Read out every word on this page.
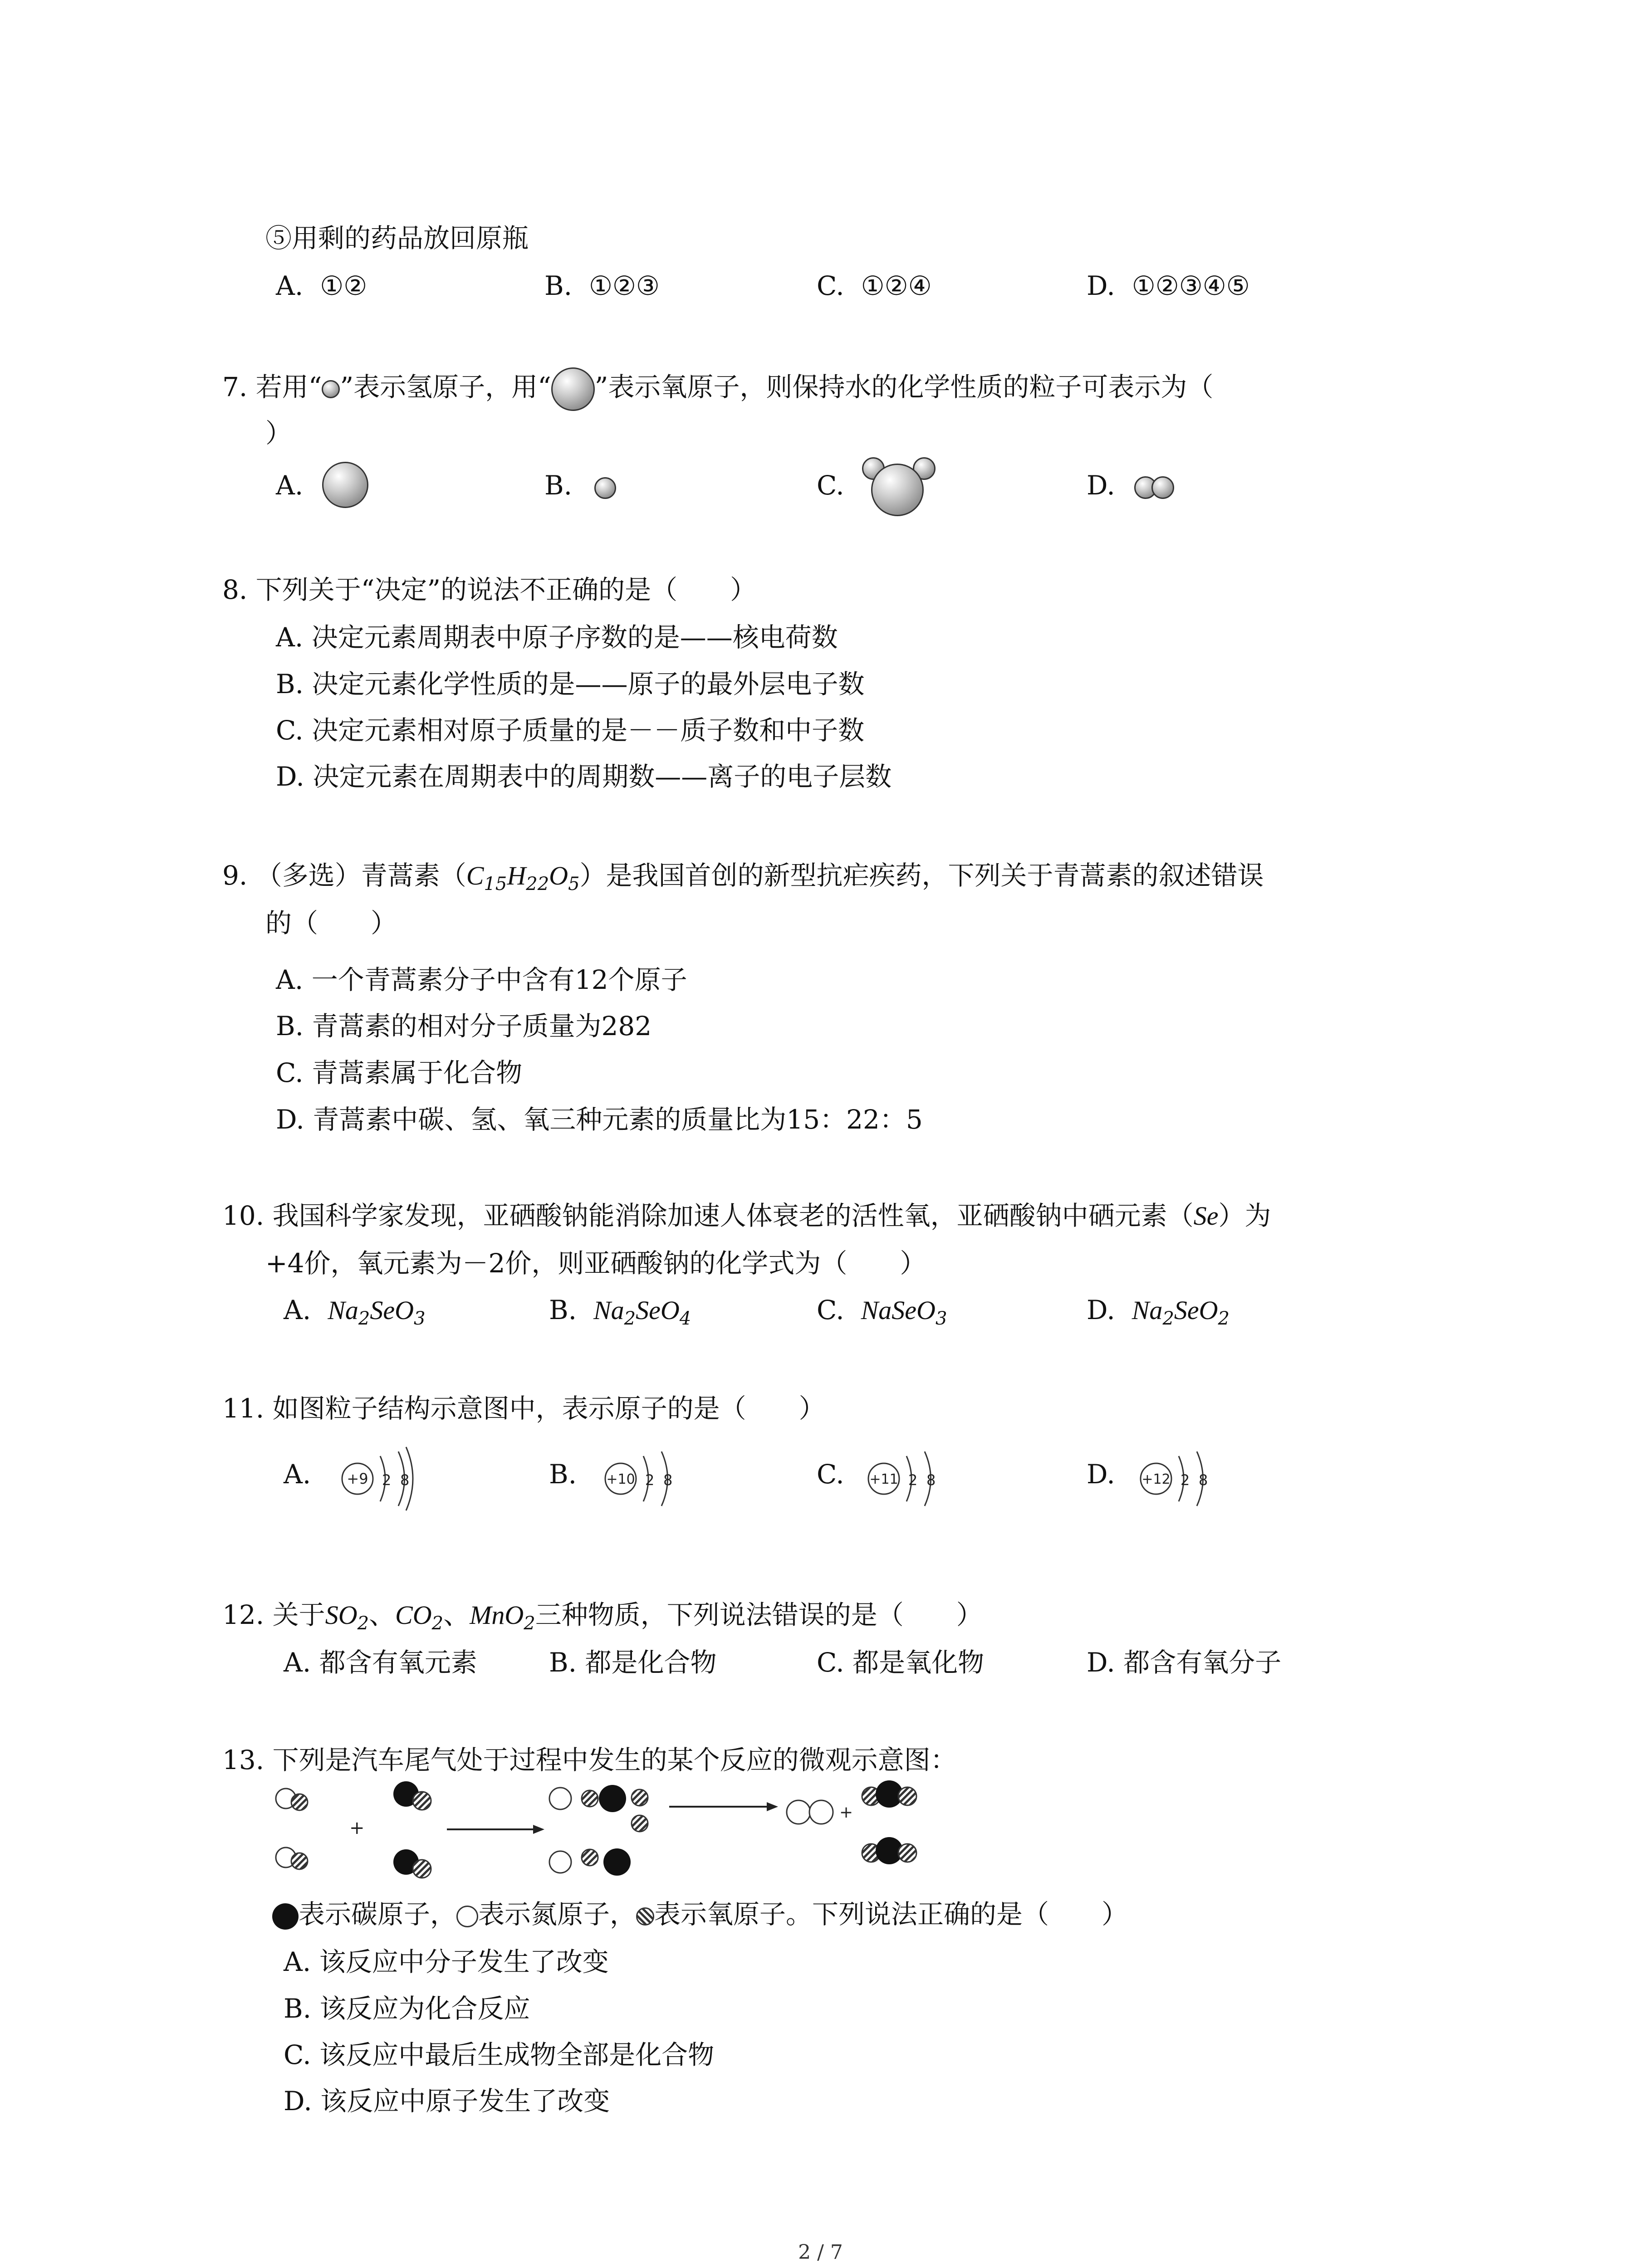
⑤用剩的药品放回原瓶
A. ①②	B. ①②③	C. ①②④	D. ①②③④⑤
7. 若用“ ”表示氢原子，用“ ”表示氧原子，则保持水的化学性质的粒子可表示为（
）
A.	B.	C.	D.
8. 下列关于“决定”的说法不正确的是（　　）
A. 决定元素周期表中原子序数的是——核电荷数
B. 决定元素化学性质的是——原子的最外层电子数
C. 决定元素相对原子质量的是－－质子数和中子数
D. 决定元素在周期表中的周期数——离子的电子层数
9. （多选）青蒿素$(C_{15}H_{22}O_5)$是我国首创的新型抗疟疾药，下列关于青蒿素的叙述错误
的（　　）
A. 一个青蒿素分子中含有12个原子
B. 青蒿素的相对分子质量为282
C. 青蒿素属于化合物
D. 青蒿素中碳、氢、氧三种元素的质量比为15：22：5
10. 我国科学家发现，亚硒酸钠能消除加速人体衰老的活性氧，亚硒酸钠中硒元素（Se）为
+4价，氧元素为－2价，则亚硒酸钠的化学式为（　　）
A. $Na_2SeO_3$	B. $Na_2SeO_4$	C. NaSeO$_3$	D. $Na_2SeO_2$
11. 如图粒子结构示意图中，表示原子的是（　　）
A. +9 2 8	B. +10 2 8	C. +11 2 8	D. +12 2 8
12. 关于$SO_2$、$CO_2$、MnO$_2$三种物质，下列说法错误的是（　　）
A. 都含有氧元素	B. 都是化合物	C. 都是氧化物	D. 都含有氧分子
13. 下列是汽车尾气处于过程中发生的某个反应的微观示意图：
+
+
表示碳原子， 表示氮原子， 表示氧原子。下列说法正确的是（　　）
A. 该反应中分子发生了改变
B. 该反应为化合反应
C. 该反应中最后生成物全部是化合物
D. 该反应中原子发生了改变
2 / 7
